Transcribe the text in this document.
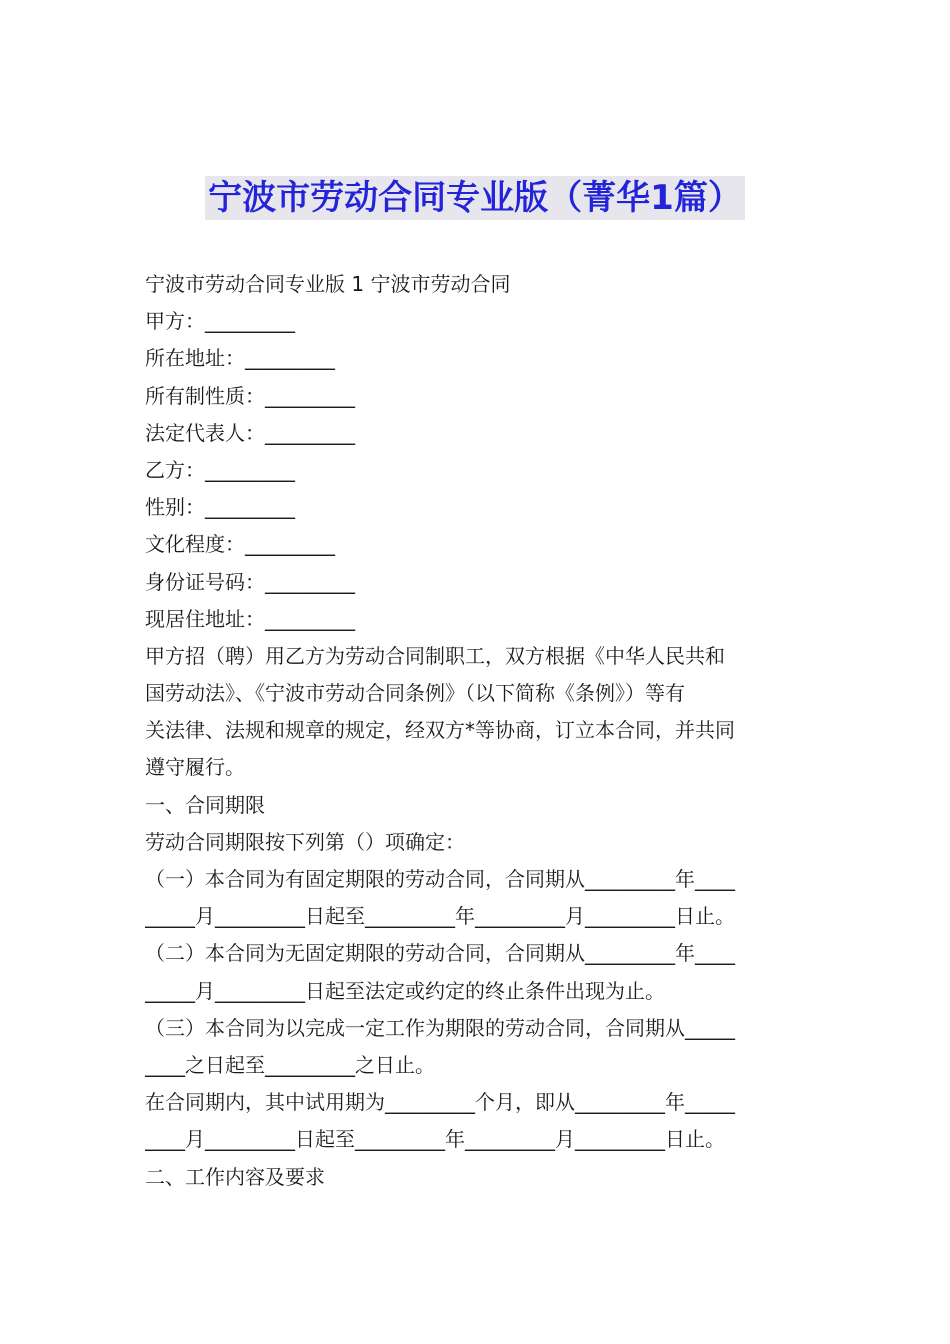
宁波市劳动合同专业版（菁华1篇）
宁波市劳动合同专业版 1 宁波市劳动合同
甲方：_________
所在地址：_________
所有制性质：_________
法定代表人：_________
乙方：_________
性别：_________
文化程度：_________
身份证号码：_________
现居住地址：_________
甲方招（聘）用乙方为劳动合同制职工，双方根据《中华人民共和
国劳动法》、《宁波市劳动合同条例》（以下简称《条例》）等有
关法律、法规和规章的规定，经双方*等协商，订立本合同，并共同
遵守履行。
一、合同期限
劳动合同期限按下列第（）项确定：
（一）本合同为有固定期限的劳动合同，合同期从_________年____
_____月_________日起至_________年_________月_________日止。
（二）本合同为无固定期限的劳动合同，合同期从_________年____
_____月_________日起至法定或约定的终止条件出现为止。
（三）本合同为以完成一定工作为期限的劳动合同，合同期从_____
____之日起至_________之日止。
在合同期内，其中试用期为_________个月，即从_________年_____
____月_________日起至_________年_________月_________日止。
二、工作内容及要求
